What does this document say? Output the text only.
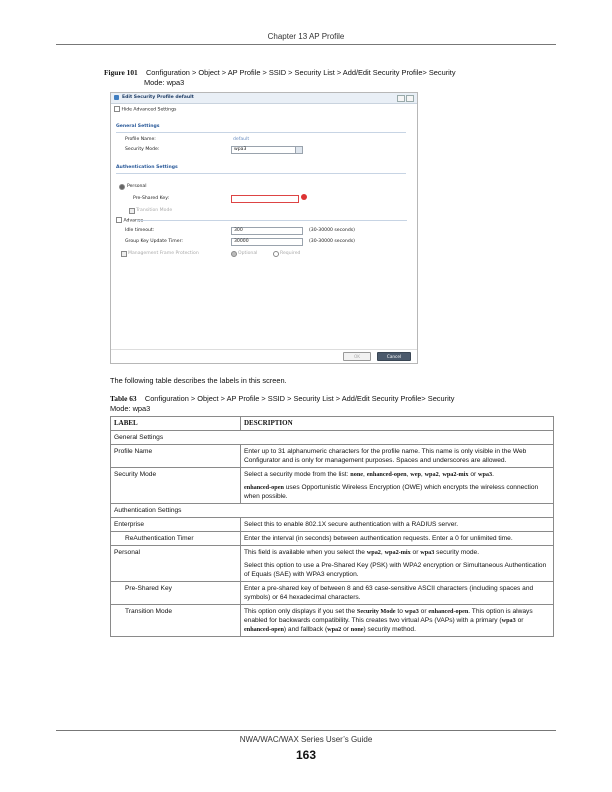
Chapter 13 AP Profile
Figure 101 Configuration > Object > AP Profile > SSID > Security List > Add/Edit Security Profile> Security
Mode: wpa3
Edit Security Profile default
Hide Advanced Settings
General Settings
Profile Name:	default
Security Mode:	wpa3
Authentication Settings
Personal
Pre-Shared Key:
Transition Mode
Advance
Idle timeout:	300	(30-30000 seconds)
Group Key Update Timer:	30000	(30-30000 seconds)
Management Frame Protection	Optional	Required
OK	Cancel
The following table describes the labels in this screen.
Table 63 Configuration > Object > AP Profile > SSID > Security List > Add/Edit Security Profile> Security
Mode: wpa3
LABEL	DESCRIPTION
General Settings	
Profile Name	Enter up to 31 alphanumeric characters for the profile name. This name is only visible in the Web Configurator and is only for management purposes. Spaces and underscores are allowed.
Security Mode	Select a security mode from the list: none, enhanced-open, wep, wpa2, wpa2-mix or wpa3.

enhanced-open uses Opportunistic Wireless Encryption (OWE) which encrypts the wireless connection when possible.

Authentication Settings	
Enterprise	Select this to enable 802.1X secure authentication with a RADIUS server.
ReAuthentication Timer	Enter the interval (in seconds) between authentication requests. Enter a 0 for unlimited time.
Personal	This field is available when you select the wpa2, wpa2-mix or wpa3 security mode.

Select this option to use a Pre-Shared Key (PSK) with WPA2 encryption or Simultaneous Authentication of Equals (SAE) with WPA3 encryption.

Pre-Shared Key	Enter a pre-shared key of between 8 and 63 case-sensitive ASCII characters (including spaces and symbols) or 64 hexadecimal characters.
Transition Mode	This option only displays if you set the Security Mode to wpa3 or enhanced-open. This option is always enabled for backwards compatibility. This creates two virtual APs (VAPs) with a primary (wpa3 or enhanced-open) and fallback (wpa2 or none) security method.
NWA/WAC/WAX Series User’s Guide
163
